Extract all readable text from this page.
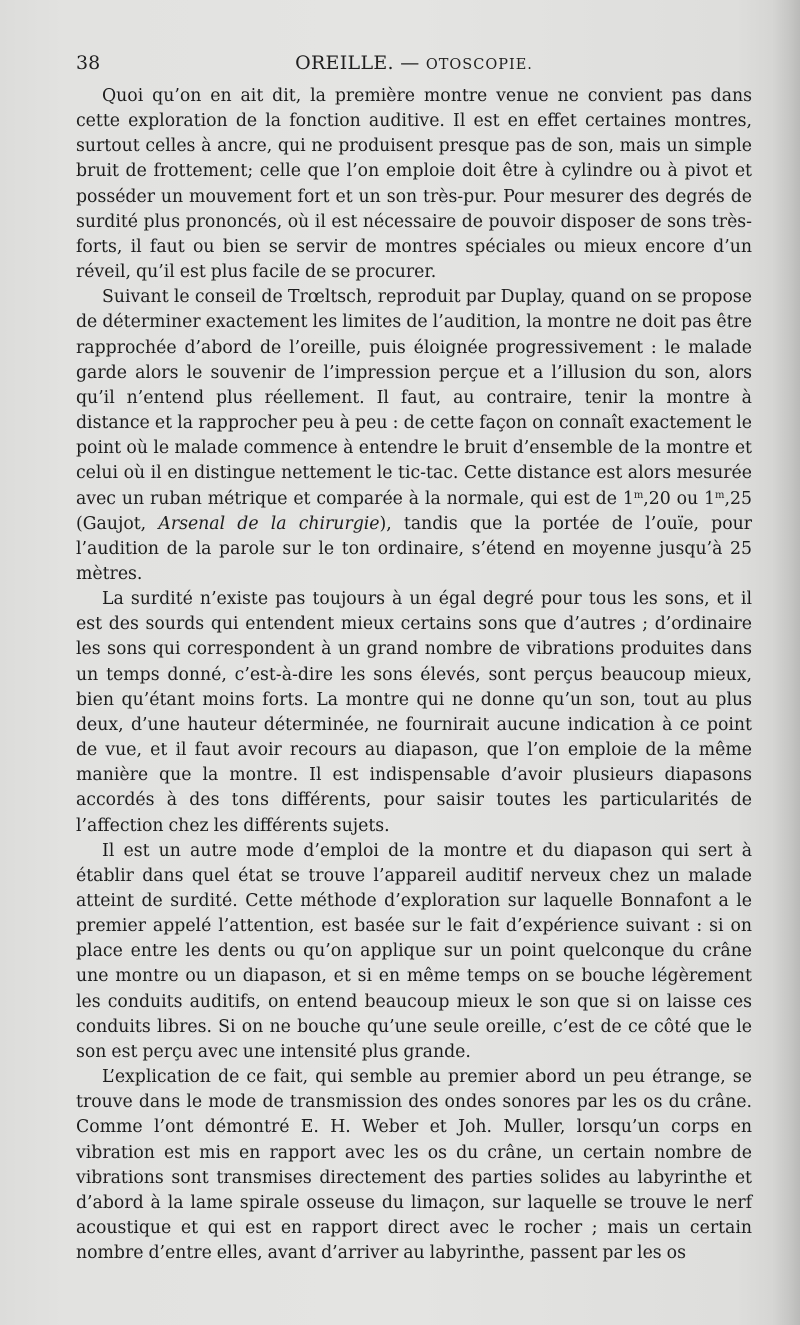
38	OREILLE. — OTOSCOPIE.

Quoi qu’on en ait dit, la première montre venue ne convient pas dans cette exploration de la fonction auditive. Il est en effet certaines montres, surtout celles à ancre, qui ne produisent presque pas de son, mais un simple bruit de frottement; celle que l’on emploie doit être à cylindre ou à pivot et posséder un mouvement fort et un son très-pur. Pour mesurer des degrés de surdité plus prononcés, où il est nécessaire de pouvoir disposer de sons très-forts, il faut ou bien se servir de montres spéciales ou mieux encore d’un réveil, qu’il est plus facile de se procurer.

Suivant le conseil de Trœltsch, reproduit par Duplay, quand on se propose de déterminer exactement les limites de l’audition, la montre ne doit pas être rapprochée d’abord de l’oreille, puis éloignée progressivement : le malade garde alors le souvenir de l’impression perçue et a l’illusion du son, alors qu’il n’entend plus réellement. Il faut, au contraire, tenir la montre à distance et la rapprocher peu à peu : de cette façon on connaît exactement le point où le malade commence à entendre le bruit d’ensemble de la montre et celui où il en distingue nettement le tic-tac. Cette distance est alors mesurée avec un ruban métrique et comparée à la normale, qui est de 1$^m$,20 ou 1$^m$,25 (Gaujot, Arsenal de la chirurgie), tandis que la portée de l’ouïe, pour l’audition de la parole sur le ton ordinaire, s’étend en moyenne jusqu’à 25 mètres.

La surdité n’existe pas toujours à un égal degré pour tous les sons, et il est des sourds qui entendent mieux certains sons que d’autres ; d’ordinaire les sons qui correspondent à un grand nombre de vibrations produites dans un temps donné, c’est-à-dire les sons élevés, sont perçus beaucoup mieux, bien qu’étant moins forts. La montre qui ne donne qu’un son, tout au plus deux, d’une hauteur déterminée, ne fournirait aucune indication à ce point de vue, et il faut avoir recours au diapason, que l’on emploie de la même manière que la montre. Il est indispensable d’avoir plusieurs diapasons accordés à des tons différents, pour saisir toutes les particularités de l’affection chez les différents sujets.

Il est un autre mode d’emploi de la montre et du diapason qui sert à établir dans quel état se trouve l’appareil auditif nerveux chez un malade atteint de surdité. Cette méthode d’exploration sur laquelle Bonnafont a le premier appelé l’attention, est basée sur le fait d’expérience suivant : si on place entre les dents ou qu’on applique sur un point quelconque du crâne une montre ou un diapason, et si en même temps on se bouche légèrement les conduits auditifs, on entend beaucoup mieux le son que si on laisse ces conduits libres. Si on ne bouche qu’une seule oreille, c’est de ce côté que le son est perçu avec une intensité plus grande.

L’explication de ce fait, qui semble au premier abord un peu étrange, se trouve dans le mode de transmission des ondes sonores par les os du crâne. Comme l’ont démontré E. H. Weber et Joh. Muller, lorsqu’un corps en vibration est mis en rapport avec les os du crâne, un certain nombre de vibrations sont transmises directement des parties solides au labyrinthe et d’abord à la lame spirale osseuse du limaçon, sur laquelle se trouve le nerf acoustique et qui est en rapport direct avec le rocher ; mais un certain nombre d’entre elles, avant d’arriver au labyrinthe, passent par les os
